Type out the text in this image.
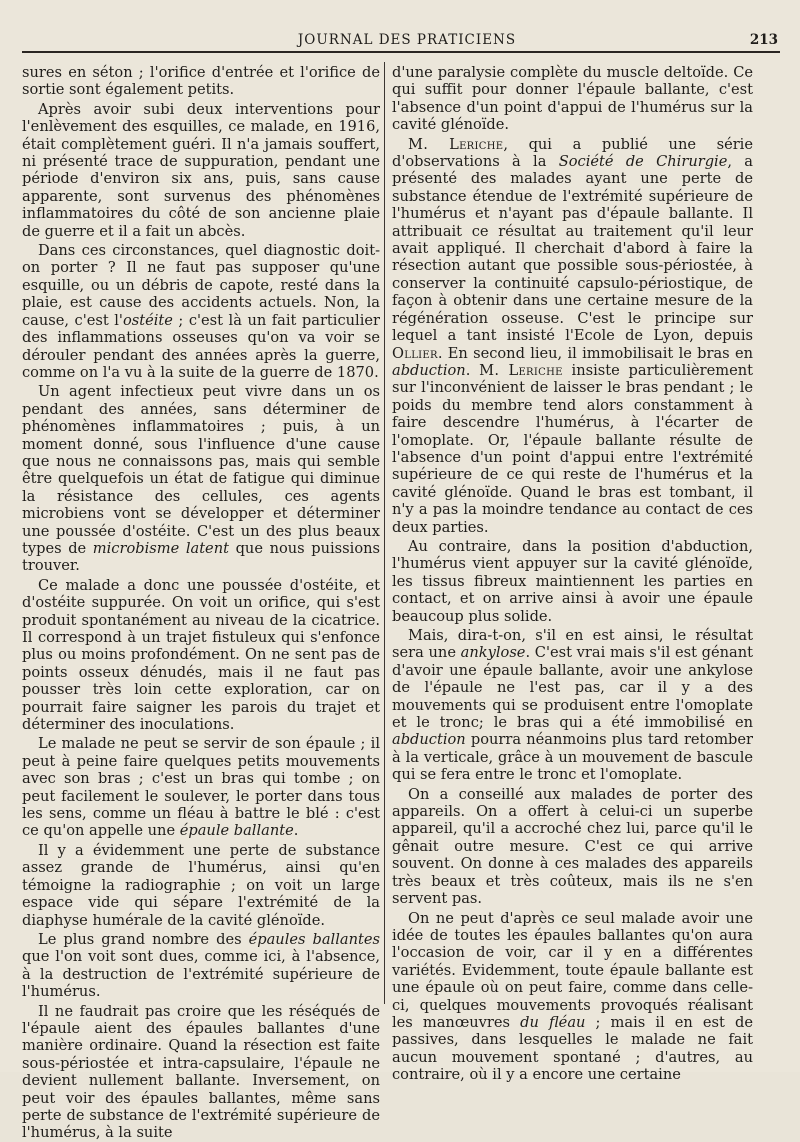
JOURNAL DES PRATICIENS	213

sures en séton ; l'orifice d'entrée et l'orifice de sortie sont également petits.

Après avoir subi deux interventions pour l'enlèvement des esquilles, ce malade, en 1916, était complètement guéri. Il n'a jamais souffert, ni présenté trace de suppuration, pendant une période d'environ six ans, puis, sans cause apparente, sont survenus des phénomènes inflammatoires du côté de son ancienne plaie de guerre et il a fait un abcès.

Dans ces circonstances, quel diagnostic doit-on porter ? Il ne faut pas supposer qu'une esquille, ou un débris de capote, resté dans la plaie, est cause des accidents actuels. Non, la cause, c'est l'ostéite ; c'est là un fait particulier des inflammations osseuses qu'on va voir se dérouler pendant des années après la guerre, comme on l'a vu à la suite de la guerre de 1870.

Un agent infectieux peut vivre dans un os pendant des années, sans déterminer de phénomènes inflammatoires ; puis, à un moment donné, sous l'influence d'une cause que nous ne connaissons pas, mais qui semble être quelquefois un état de fatigue qui diminue la résistance des cellules, ces agents microbiens vont se développer et déterminer une poussée d'ostéite. C'est un des plus beaux types de microbisme latent que nous puissions trouver.

Ce malade a donc une poussée d'ostéite, et d'ostéite suppurée. On voit un orifice, qui s'est produit spontanément au niveau de la cicatrice. Il correspond à un trajet fistuleux qui s'enfonce plus ou moins profondément. On ne sent pas de points osseux dénudés, mais il ne faut pas pousser très loin cette exploration, car on pourrait faire saigner les parois du trajet et déterminer des inoculations.

Le malade ne peut se servir de son épaule ; il peut à peine faire quelques petits mouvements avec son bras ; c'est un bras qui tombe ; on peut facilement le soulever, le porter dans tous les sens, comme un fléau à battre le blé : c'est ce qu'on appelle une épaule ballante.

Il y a évidemment une perte de substance assez grande de l'humérus, ainsi qu'en témoigne la radiographie ; on voit un large espace vide qui sépare l'extrémité de la diaphyse humérale de la cavité glénoïde.

Le plus grand nombre des épaules ballantes que l'on voit sont dues, comme ici, à l'absence, à la destruction de l'extrémité supérieure de l'humérus.

Il ne faudrait pas croire que les réséqués de l'épaule aient des épaules ballantes d'une manière ordinaire. Quand la résection est faite sous-périostée et intra-capsulaire, l'épaule ne devient nullement ballante. Inversement, on peut voir des épaules ballantes, même sans perte de substance de l'extrémité supérieure de l'humérus, à la suite

d'une paralysie complète du muscle deltoïde. Ce qui suffit pour donner l'épaule ballante, c'est l'absence d'un point d'appui de l'humérus sur la cavité glénoïde.

M. Leriche, qui a publié une série d'observations à la Société de Chirurgie, a présenté des malades ayant une perte de substance étendue de l'extrémité supérieure de l'humérus et n'ayant pas d'épaule ballante. Il attribuait ce résultat au traitement qu'il leur avait appliqué. Il cherchait d'abord à faire la résection autant que possible sous-périostée, à conserver la continuité capsulo-périostique, de façon à obtenir dans une certaine mesure de la régénération osseuse. C'est le principe sur lequel a tant insisté l'Ecole de Lyon, depuis Ollier. En second lieu, il immobilisait le bras en abduction. M. Leriche insiste particulièrement sur l'inconvénient de laisser le bras pendant ; le poids du membre tend alors constamment à faire descendre l'humérus, à l'écarter de l'omoplate. Or, l'épaule ballante résulte de l'absence d'un point d'appui entre l'extrémité supérieure de ce qui reste de l'humérus et la cavité glénoïde. Quand le bras est tombant, il n'y a pas la moindre tendance au contact de ces deux parties.

Au contraire, dans la position d'abduction, l'humérus vient appuyer sur la cavité glénoïde, les tissus fibreux maintiennent les parties en contact, et on arrive ainsi à avoir une épaule beaucoup plus solide.

Mais, dira-t-on, s'il en est ainsi, le résultat sera une ankylose. C'est vrai mais s'il est génant d'avoir une épaule ballante, avoir une ankylose de l'épaule ne l'est pas, car il y a des mouvements qui se produisent entre l'omoplate et le tronc; le bras qui a été immobilisé en abduction pourra néanmoins plus tard retomber à la verticale, grâce à un mouvement de bascule qui se fera entre le tronc et l'omoplate.

On a conseillé aux malades de porter des appareils. On a offert à celui-ci un superbe appareil, qu'il a accroché chez lui, parce qu'il le gênait outre mesure. C'est ce qui arrive souvent. On donne à ces malades des appareils très beaux et très coûteux, mais ils ne s'en servent pas.

On ne peut d'après ce seul malade avoir une idée de toutes les épaules ballantes qu'on aura l'occasion de voir, car il y en a différentes variétés. Evidemment, toute épaule ballante est une épaule où on peut faire, comme dans celle-ci, quelques mouvements provoqués réalisant les manœuvres du fléau ; mais il en est de passives, dans lesquelles le malade ne fait aucun mouvement spontané ; d'autres, au contraire, où il y a encore une certaine
